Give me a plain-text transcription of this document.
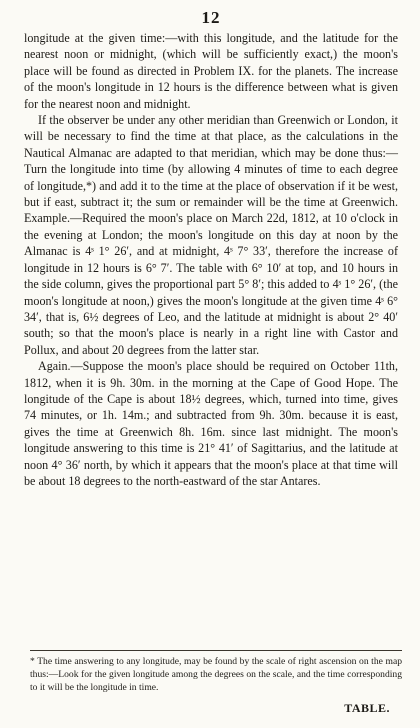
12

longitude at the given time:—with this longitude, and the latitude for the nearest noon or midnight, (which will be sufficiently exact,) the moon's place will be found as directed in Problem IX. for the planets. The increase of the moon's longitude in 12 hours is the difference between what is given for the nearest noon and midnight.

If the observer be under any other meridian than Greenwich or London, it will be necessary to find the time at that place, as the calculations in the Nautical Almanac are adapted to that meridian, which may be done thus:—Turn the longitude into time (by allowing 4 minutes of time to each degree of longitude,*) and add it to the time at the place of observation if it be west, but if east, subtract it; the sum or remainder will be the time at Greenwich. Example.—Required the moon's place on March 22d, 1812, at 10 o'clock in the evening at London; the moon's longitude on this day at noon by the Almanac is 4ˢ 1° 26′, and at midnight, 4ˢ 7° 33′, therefore the increase of longitude in 12 hours is 6° 7′. The table with 6° 10′ at top, and 10 hours in the side column, gives the proportional part 5° 8′; this added to 4ˢ 1° 26′, (the moon's longitude at noon,) gives the moon's longitude at the given time 4ˢ 6° 34′, that is, 6½ degrees of Leo, and the latitude at midnight is about 2° 40′ south; so that the moon's place is nearly in a right line with Castor and Pollux, and about 20 degrees from the latter star.

Again.—Suppose the moon's place should be required on October 11th, 1812, when it is 9h. 30m. in the morning at the Cape of Good Hope. The longitude of the Cape is about 18½ degrees, which, turned into time, gives 74 minutes, or 1h. 14m.; and subtracted from 9h. 30m. because it is east, gives the time at Greenwich 8h. 16m. since last midnight. The moon's longitude answering to this time is 21° 41′ of Sagittarius, and the latitude at noon 4° 36′ north, by which it appears that the moon's place at that time will be about 18 degrees to the north-eastward of the star Antares.

* The time answering to any longitude, may be found by the scale of right ascension on the map thus:—Look for the given longitude among the degrees on the scale, and the time corresponding to it will be the longitude in time.
TABLE.
